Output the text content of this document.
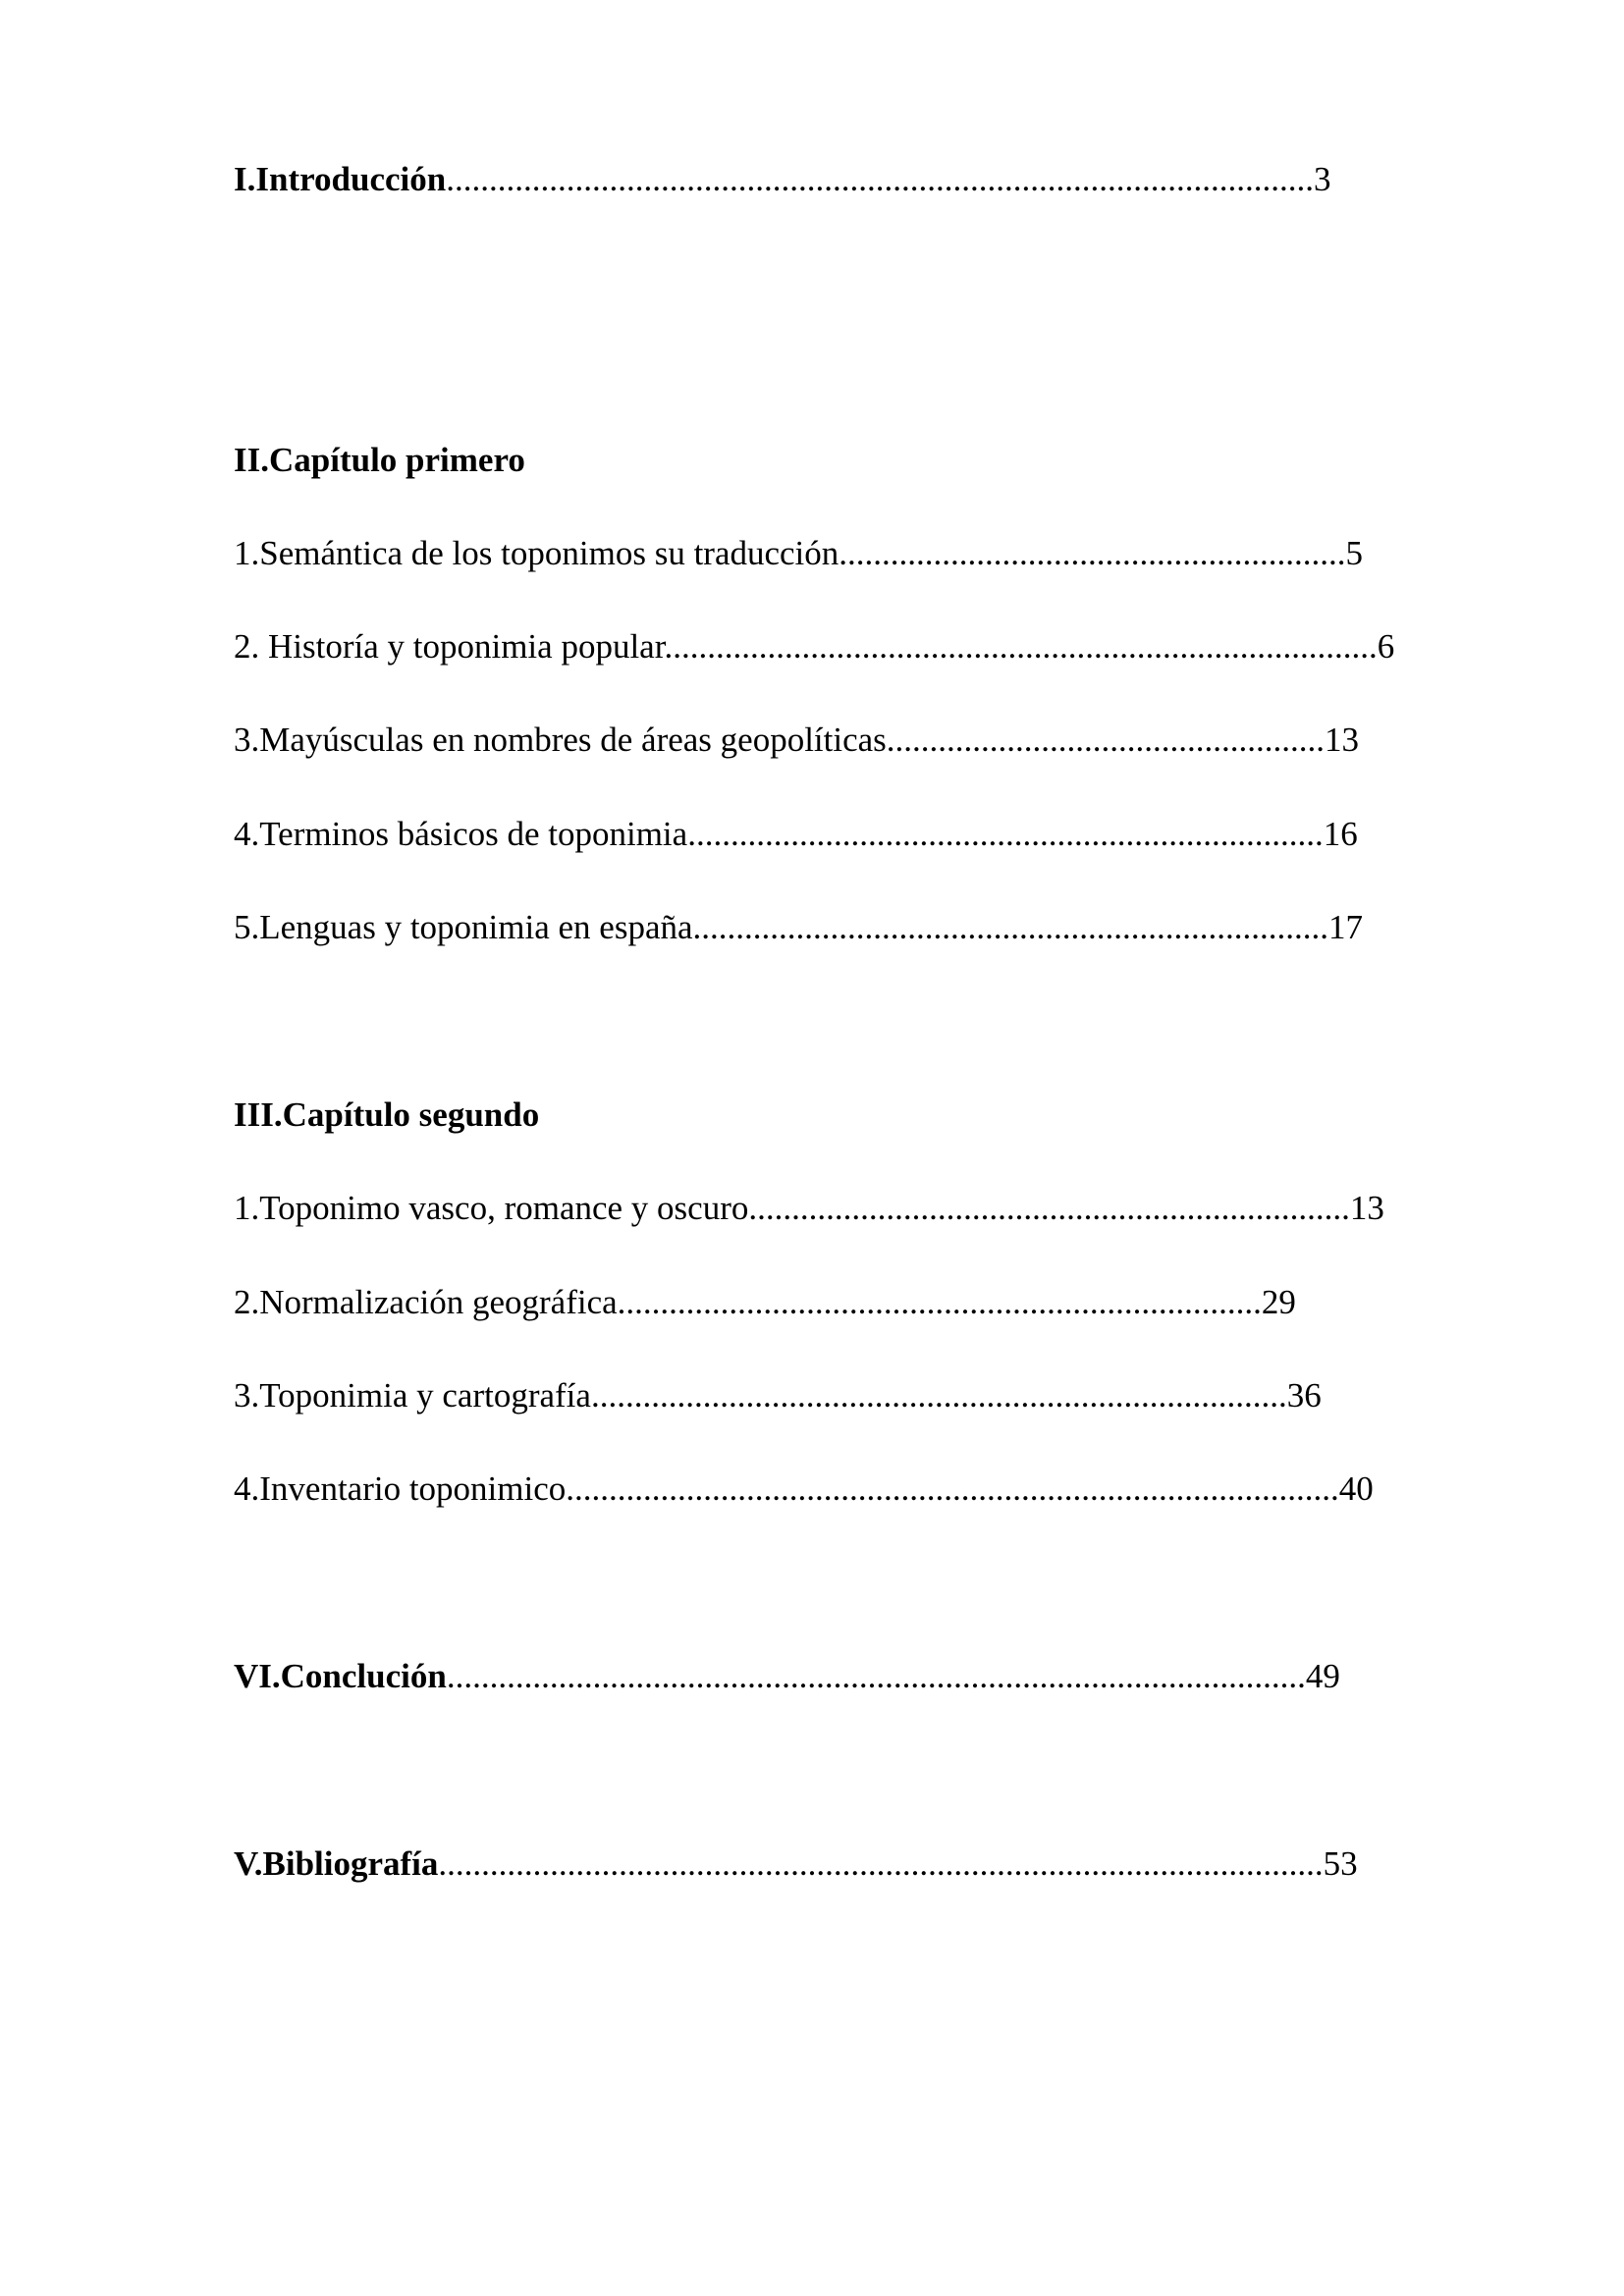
I.Introducción.....................................................................................................3
II.Capítulo primero
1.Semántica de los toponimos su traducción...........................................................5
2. Historía y toponimia popular...................................................................................6
3.Mayúsculas en nombres de áreas geopolíticas...................................................13
4.Terminos básicos de toponimia..........................................................................16
5.Lenguas y toponimia en españa..........................................................................17
III.Capítulo segundo
1.Toponimo vasco, romance y oscuro......................................................................13
2.Normalización geográfica...........................................................................29
3.Toponimia y cartografía.................................................................................36
4.Inventario toponimico..........................................................................................40
VI.Conclución....................................................................................................49
V.Bibliografía.......................................................................................................53
